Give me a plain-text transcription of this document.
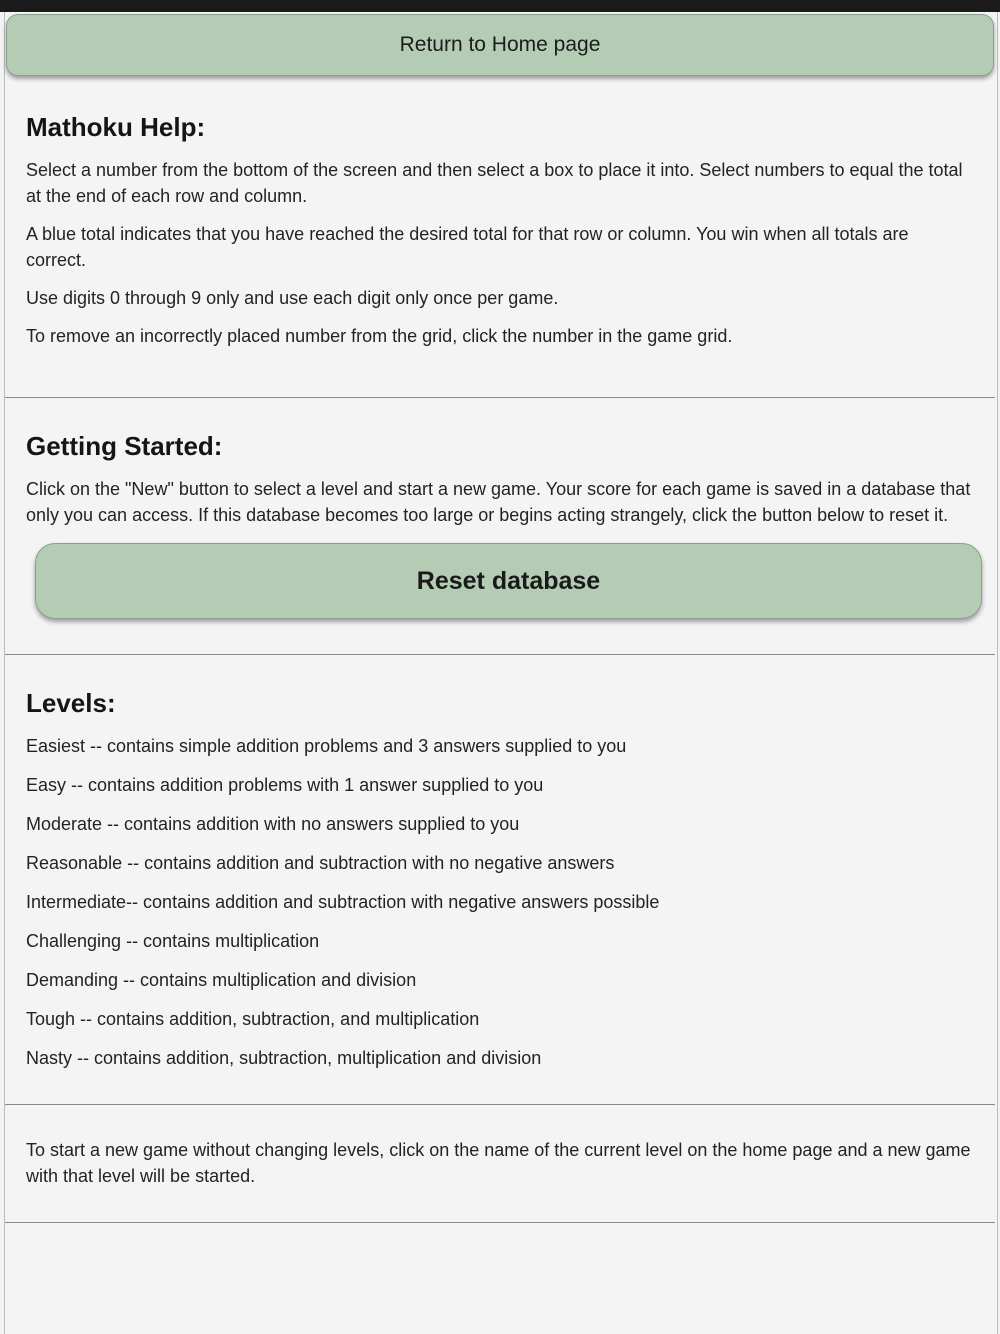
Return to Home page
Mathoku Help:

Select a number from the bottom of the screen and then select a box to place it into. Select numbers to equal the total at the end of each row and column.

A blue total indicates that you have reached the desired total for that row or column. You win when all totals are correct.

Use digits 0 through 9 only and use each digit only once per game.

To remove an incorrectly placed number from the grid, click the number in the game grid.

Getting Started:

Click on the "New" button to select a level and start a new game. Your score for each game is saved in a database that only you can access. If this database becomes too large or begins acting strangely, click the button below to reset it.

Reset database
Levels:

Easiest -- contains simple addition problems and 3 answers supplied to you

Easy -- contains addition problems with 1 answer supplied to you

Moderate -- contains addition with no answers supplied to you

Reasonable -- contains addition and subtraction with no negative answers

Intermediate-- contains addition and subtraction with negative answers possible

Challenging -- contains multiplication

Demanding -- contains multiplication and division

Tough -- contains addition, subtraction, and multiplication

Nasty -- contains addition, subtraction, multiplication and division

To start a new game without changing levels, click on the name of the current level on the home page and a new game with that level will be started.
